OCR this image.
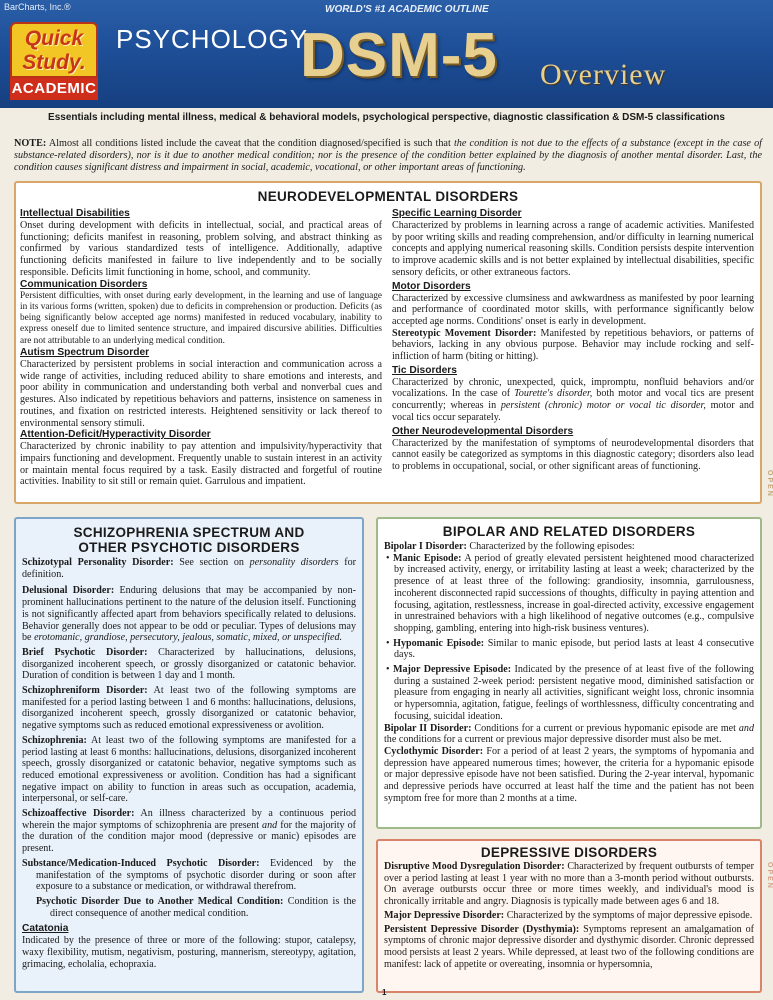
BarCharts, Inc.®	WORLD'S #1 ACADEMIC OUTLINE
Quick
Study.
ACADEMIC
PSYCHOLOGY
DSM-5 Overview
Essentials including mental illness, medical & behavioral models, psychological perspective, diagnostic classification & DSM-5 classifications
NOTE: Almost all conditions listed include the caveat that the condition diagnosed/specified is such that the condition is not due to the effects of a substance (except in the case of substance-related disorders), nor is it due to another medical condition; nor is the presence of the condition better explained by the diagnosis of another mental disorder. Last, the condition causes significant distress and impairment in social, academic, vocational, or other important areas of functioning.
NEURODEVELOPMENTAL DISORDERS
Intellectual Disabilities
Onset during development with deficits in intellectual, social, and practical areas of functioning; deficits manifest in reasoning, problem solving, and abstract thinking as confirmed by various standardized tests of intelligence. Additionally, adaptive functioning deficits manifested in failure to live independently and to be socially responsible. Deficits limit functioning in home, school, and community.
Communication Disorders
Persistent difficulties, with onset during early development, in the learning and use of language in its various forms (written, spoken) due to deficits in comprehension or production. Deficits (as being significantly below accepted age norms) manifested in reduced vocabulary, inability to express oneself due to limited sentence structure, and impaired discursive abilities. Difficulties are not attributable to an underlying medical condition.
Autism Spectrum Disorder
Characterized by persistent problems in social interaction and communication across a wide range of activities, including reduced ability to share emotions and interests, and poor ability in communication and understanding both verbal and nonverbal cues and gestures. Also indicated by repetitious behaviors and patterns, insistence on sameness in routines, and fixation on restricted interests. Heightened sensitivity or lack thereof to environmental sensory stimuli.
Attention-Deficit/Hyperactivity Disorder
Characterized by chronic inability to pay attention and impulsivity/hyperactivity that impairs functioning and development. Frequently unable to sustain interest in an activity or maintain mental focus required by a task. Easily distracted and forgetful of routine activities. Inability to sit still or remain quiet. Garrulous and impatient.
Specific Learning Disorder
Characterized by problems in learning across a range of academic activities. Manifested by poor writing skills and reading comprehension, and/or difficulty in learning numerical concepts and applying numerical reasoning skills. Condition persists despite intervention to improve academic skills and is not better explained by intellectual disabilities, specific sensory deficits, or other extraneous factors.
Motor Disorders
Characterized by excessive clumsiness and awkwardness as manifested by poor learning and performance of coordinated motor skills, with performance significantly below accepted age norms. Conditions' onset is early in development.
Stereotypic Movement Disorder: Manifested by repetitious behaviors, or patterns of behaviors, lacking in any obvious purpose. Behavior may include rocking and self-infliction of harm (biting or hitting).
Tic Disorders
Characterized by chronic, unexpected, quick, impromptu, nonfluid behaviors and/or vocalizations. In the case of Tourette's disorder, both motor and vocal tics are present concurrently; whereas in persistent (chronic) motor or vocal tic disorder, motor and vocal tics occur separately.
Other Neurodevelopmental Disorders
Characterized by the manifestation of symptoms of neurodevelopmental disorders that cannot easily be categorized as symptoms in this diagnostic category; disorders also lead to problems in occupational, social, or other significant areas of functioning.
SCHIZOPHRENIA SPECTRUM AND
OTHER PSYCHOTIC DISORDERS
Schizotypal Personality Disorder: See section on personality disorders for definition.
Delusional Disorder: Enduring delusions that may be accompanied by non-prominent hallucinations pertinent to the nature of the delusion itself. Functioning is not significantly affected apart from behaviors specifically related to delusions. Behavior generally does not appear to be odd or peculiar. Types of delusions may be erotomanic, grandiose, persecutory, jealous, somatic, mixed, or unspecified.
Brief Psychotic Disorder: Characterized by hallucinations, delusions, disorganized incoherent speech, or grossly disorganized or catatonic behavior. Duration of condition is between 1 day and 1 month.
Schizophreniform Disorder: At least two of the following symptoms are manifested for a period lasting between 1 and 6 months: hallucinations, delusions, disorganized incoherent speech, grossly disorganized or catatonic behavior, negative symptoms such as reduced emotional expressiveness or avolition.
Schizophrenia: At least two of the following symptoms are manifested for a period lasting at least 6 months: hallucinations, delusions, disorganized incoherent speech, grossly disorganized or catatonic behavior, negative symptoms such as reduced emotional expressiveness or avolition. Condition has had a significant negative impact on ability to function in areas such as occupation, academia, interpersonal, or self-care.
Schizoaffective Disorder: An illness characterized by a continuous period wherein the major symptoms of schizophrenia are present and for the majority of the duration of the condition major mood (depressive or manic) episodes are present.
Substance/Medication-Induced Psychotic Disorder: Evidenced by the manifestation of the symptoms of psychotic disorder during or soon after exposure to a substance or medication, or withdrawal therefrom.
Psychotic Disorder Due to Another Medical Condition: Condition is the direct consequence of another medical condition.
Catatonia
Indicated by the presence of three or more of the following: stupor, catalepsy, waxy flexibility, mutism, negativism, posturing, mannerism, stereotypy, agitation, grimacing, echolalia, echopraxia.
BIPOLAR AND RELATED DISORDERS
Bipolar I Disorder: Characterized by the following episodes:
• Manic Episode: A period of greatly elevated persistent heightened mood characterized by increased activity, energy, or irritability lasting at least a week; characterized by the presence of at least three of the following: grandiosity, insomnia, garrulousness, incoherent disconnected rapid successions of thoughts, difficulty in paying attention and focusing, agitation, restlessness, increase in goal-directed activity, excessive engagement in unrestrained behaviors with a high likelihood of negative outcomes (e.g., compulsive shopping, gambling, entering into high-risk business ventures).
• Hypomanic Episode: Similar to manic episode, but period lasts at least 4 consecutive days.
• Major Depressive Episode: Indicated by the presence of at least five of the following during a sustained 2-week period: persistent negative mood, diminished satisfaction or pleasure from engaging in nearly all activities, significant weight loss, chronic insomnia or hypersomnia, agitation, fatigue, feelings of worthlessness, difficulty concentrating and focusing, suicidal ideation.
Bipolar II Disorder: Conditions for a current or previous hypomanic episode are met and the conditions for a current or previous major depressive disorder must also be met.
Cyclothymic Disorder: For a period of at least 2 years, the symptoms of hypomania and depression have appeared numerous times; however, the criteria for a hypomanic episode or major depressive episode have not been satisfied. During the 2-year interval, hypomanic and depressive periods have occurred at least half the time and the patient has not been symptom free for more than 2 months at a time.
DEPRESSIVE DISORDERS
Disruptive Mood Dysregulation Disorder: Characterized by frequent outbursts of temper over a period lasting at least 1 year with no more than a 3-month period without outbursts. On average outbursts occur three or more times weekly, and individual's mood is chronically irritable and angry. Diagnosis is typically made between ages 6 and 18.
Major Depressive Disorder: Characterized by the symptoms of major depressive episode.
Persistent Depressive Disorder (Dysthymia): Symptoms represent an amalgamation of symptoms of chronic major depressive disorder and dysthymic disorder. Chronic depressed mood persists at least 2 years. While depressed, at least two of the following conditions are manifest: lack of appetite or overeating, insomnia or hypersomnia,
OPEN
OPEN
1
